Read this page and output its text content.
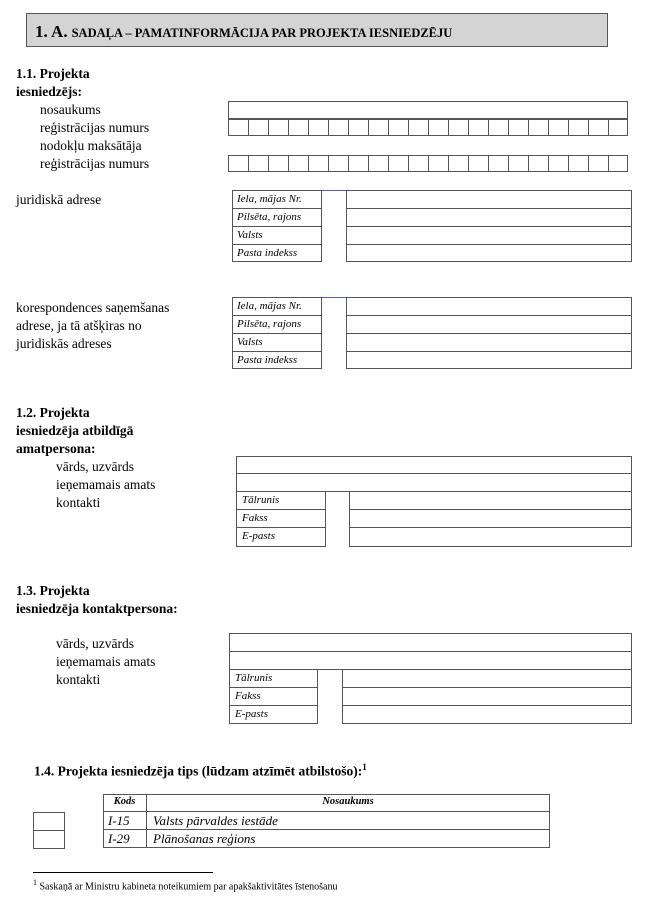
1. A. SADAĻA – PAMATINFORMĀCIJA PAR PROJEKTA IESNIEDZĒJU
1.1. Projekta
iesniedzējs:
nosaukums
reģistrācijas numurs
nodokļu maksātāja
reģistrācijas numurs
juridiskā adrese	Iela, mājas Nr.
Pilsēta, rajons
Valsts
Pasta indekss
korespondences saņemšanas
adrese, ja tā atšķiras no
juridiskās adreses
Iela, mājas Nr.
Pilsēta, rajons
Valsts
Pasta indekss
1.2. Projekta
iesniedzēja atbildīgā
amatpersona:
vārds, uzvārds
ieņemamais amats
kontakti	Tālrunis
Fakss
E-pasts
1.3. Projekta
iesniedzēja kontaktpersona:
vārds, uzvārds
ieņemamais amats
kontakti	Tālrunis
Fakss
E-pasts
1.4. Projekta iesniedzēja tips (lūdzam atzīmēt atbilstošo):$^1$
Kods	Nosaukums
I-15 Valsts pārvaldes iestāde
I-29 Plānošanas reģions
$^1$ Saskaņā ar Ministru kabineta noteikumiem par apakšaktivitātes īstenošanu
